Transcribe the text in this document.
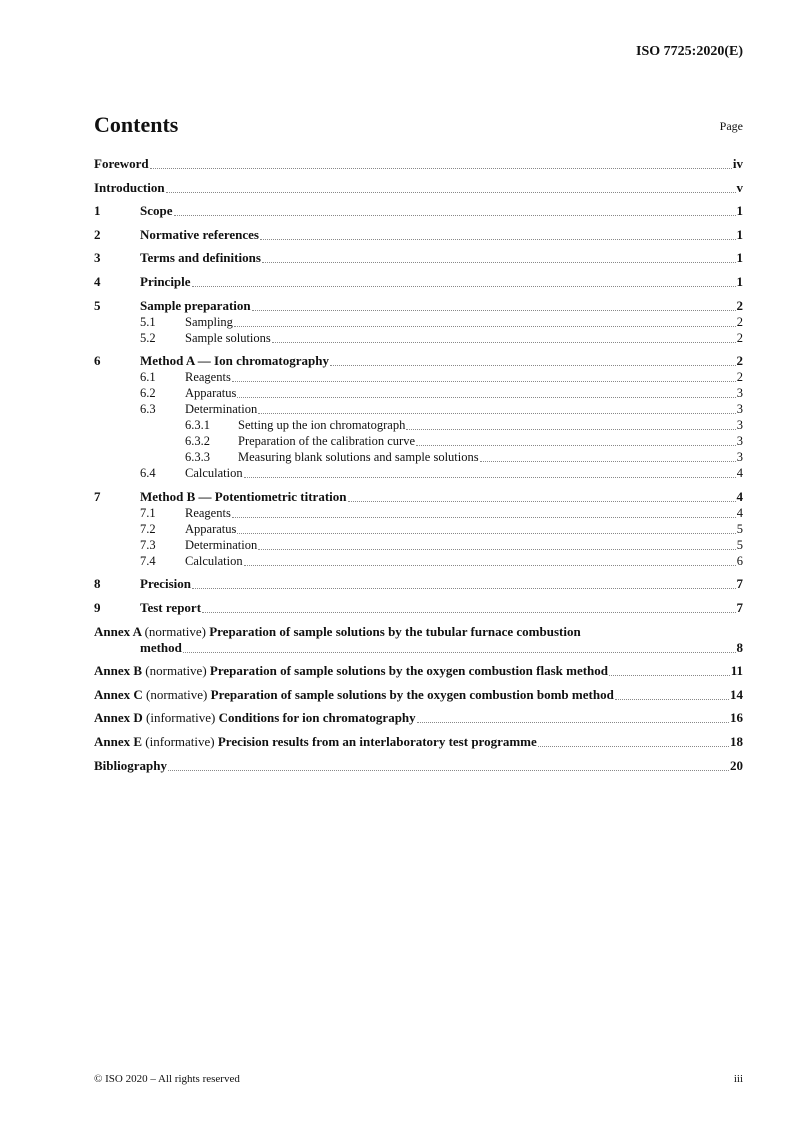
ISO 7725:2020(E)
Contents	Page
Foreword	iv
Introduction	v
1	Scope	1
2	Normative references	1
3	Terms and definitions	1
4	Principle	1
5	Sample preparation	2
5.1	Sampling	2
5.2	Sample solutions	2
6	Method A — Ion chromatography	2
6.1	Reagents	2
6.2	Apparatus	3
6.3	Determination	3
6.3.1	Setting up the ion chromatograph	3
6.3.2	Preparation of the calibration curve	3
6.3.3	Measuring blank solutions and sample solutions	3
6.4	Calculation	4
7	Method B — Potentiometric titration	4
7.1	Reagents	4
7.2	Apparatus	5
7.3	Determination	5
7.4	Calculation	6
8	Precision	7
9	Test report	7
Annex A (normative) Preparation of sample solutions by the tubular furnace combustion
method	8
Annex B (normative) Preparation of sample solutions by the oxygen combustion flask method	11
Annex C (normative) Preparation of sample solutions by the oxygen combustion bomb method	14
Annex D (informative) Conditions for ion chromatography	16
Annex E (informative) Precision results from an interlaboratory test programme	18
Bibliography	20
© ISO 2020 – All rights reserved	iii
